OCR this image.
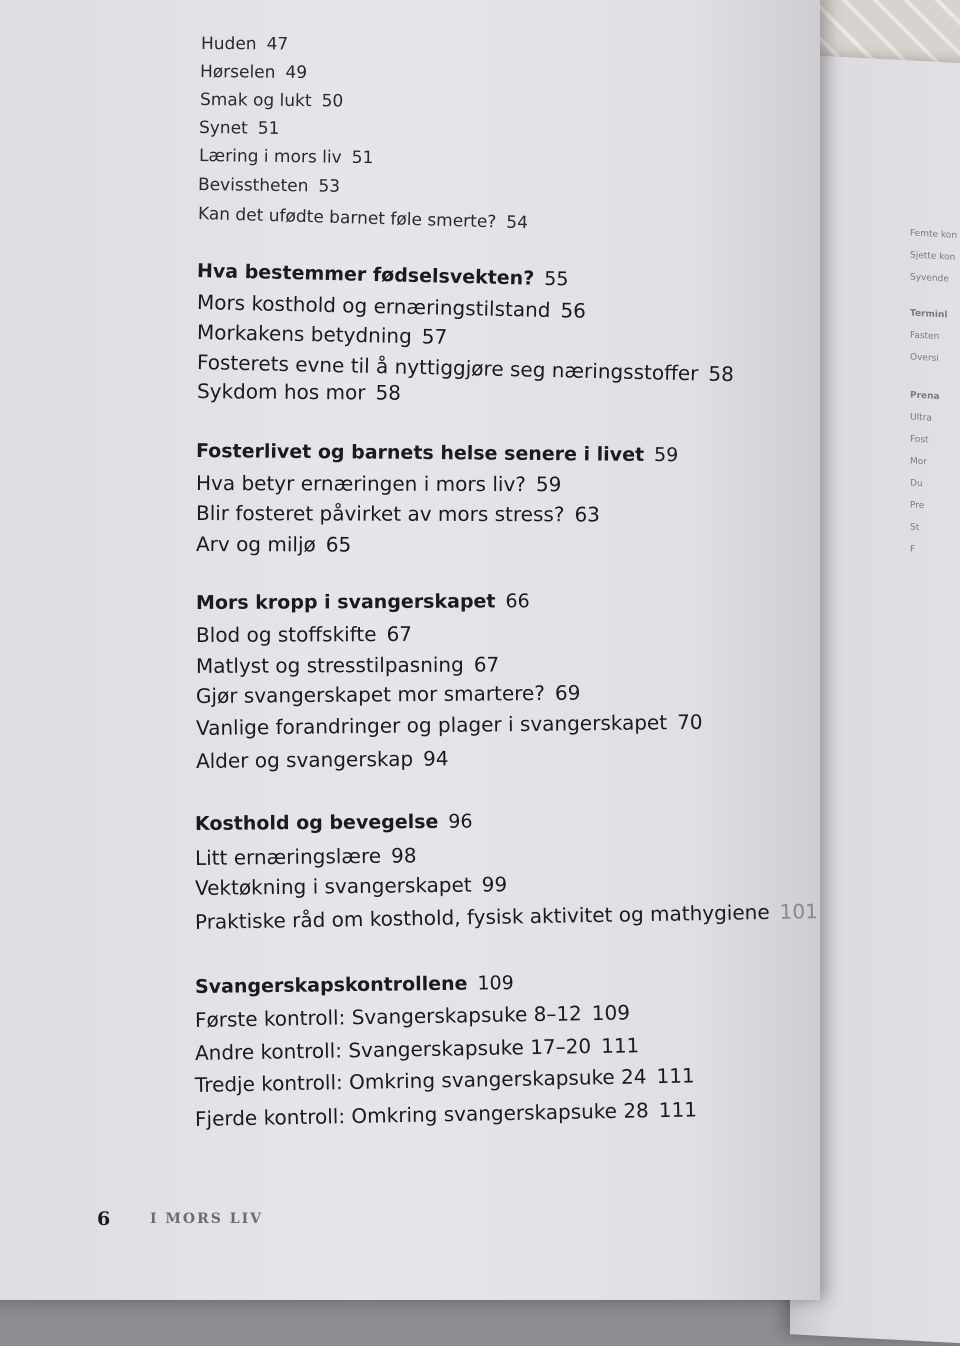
Femte kon
Sjette kon
Syvende
Terminl
Fasten
Oversi
Prena
Ultra
Fost
Mor
Du
Pre
St
F
Huden 47
Hørselen 49
Smak og lukt 50
Synet 51
Læring i mors liv 51
Bevisstheten 53
Kan det ufødte barnet føle smerte? 54
Hva bestemmer fødselsvekten? 55
Mors kosthold og ernæringstilstand 56
Morkakens betydning 57
Fosterets evne til å nyttiggjøre seg næringsstoffer 58
Sykdom hos mor 58
Fosterlivet og barnets helse senere i livet 59
Hva betyr ernæringen i mors liv? 59
Blir fosteret påvirket av mors stress? 63
Arv og miljø 65
Mors kropp i svangerskapet 66
Blod og stoffskifte 67
Matlyst og stresstilpasning 67
Gjør svangerskapet mor smartere? 69
Vanlige forandringer og plager i svangerskapet 70
Alder og svangerskap 94
Kosthold og bevegelse 96
Litt ernæringslære 98
Vektøkning i svangerskapet 99
Praktiske råd om kosthold, fysisk aktivitet og mathygiene 101
Svangerskapskontrollene 109
Første kontroll: Svangerskapsuke 8–12 109
Andre kontroll: Svangerskapsuke 17–20 111
Tredje kontroll: Omkring svangerskapsuke 24 111
Fjerde kontroll: Omkring svangerskapsuke 28 111
6	I MORS LIV
